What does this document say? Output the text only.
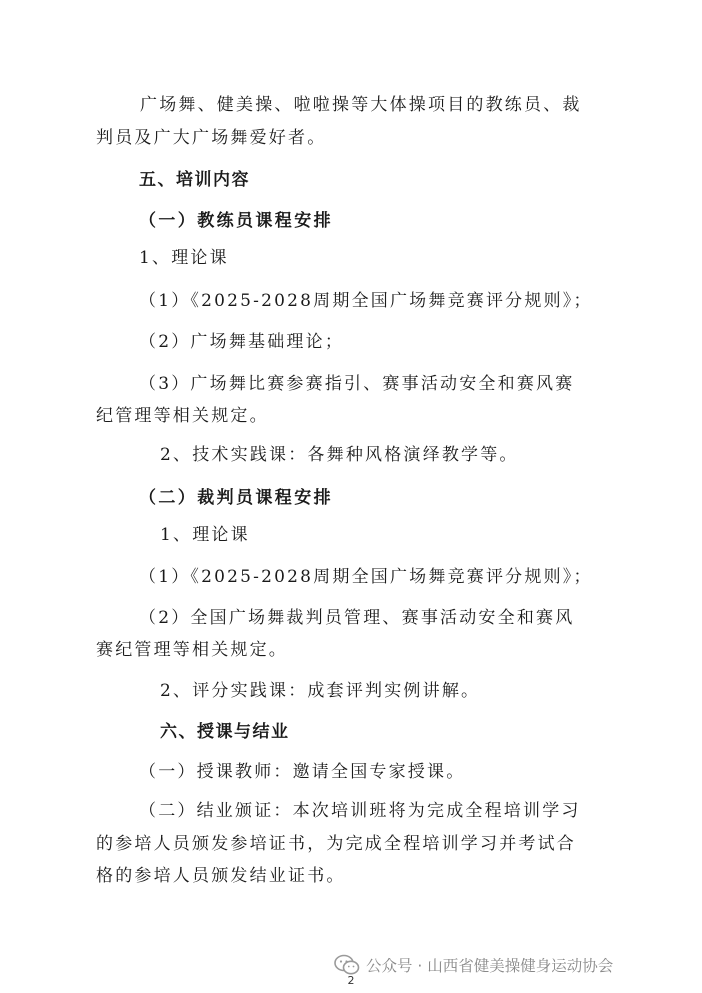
广场舞、健美操、啦啦操等大体操项目的教练员、裁
判员及广大广场舞爱好者。
五、培训内容
（一）教练员课程安排
1、理论课
（1）《2025-2028周期全国广场舞竞赛评分规则》；
（2）广场舞基础理论；
（3）广场舞比赛参赛指引、赛事活动安全和赛风赛
纪管理等相关规定。
2、技术实践课：各舞种风格演绎教学等。
（二）裁判员课程安排
1、理论课
（1）《2025-2028周期全国广场舞竞赛评分规则》；
（2）全国广场舞裁判员管理、赛事活动安全和赛风
赛纪管理等相关规定。
2、评分实践课：成套评判实例讲解。
六、授课与结业
（一）授课教师：邀请全国专家授课。
（二）结业颁证：本次培训班将为完成全程培训学习
的参培人员颁发参培证书，为完成全程培训学习并考试合
格的参培人员颁发结业证书。
公众号 · 山西省健美操健身运动协会
2
